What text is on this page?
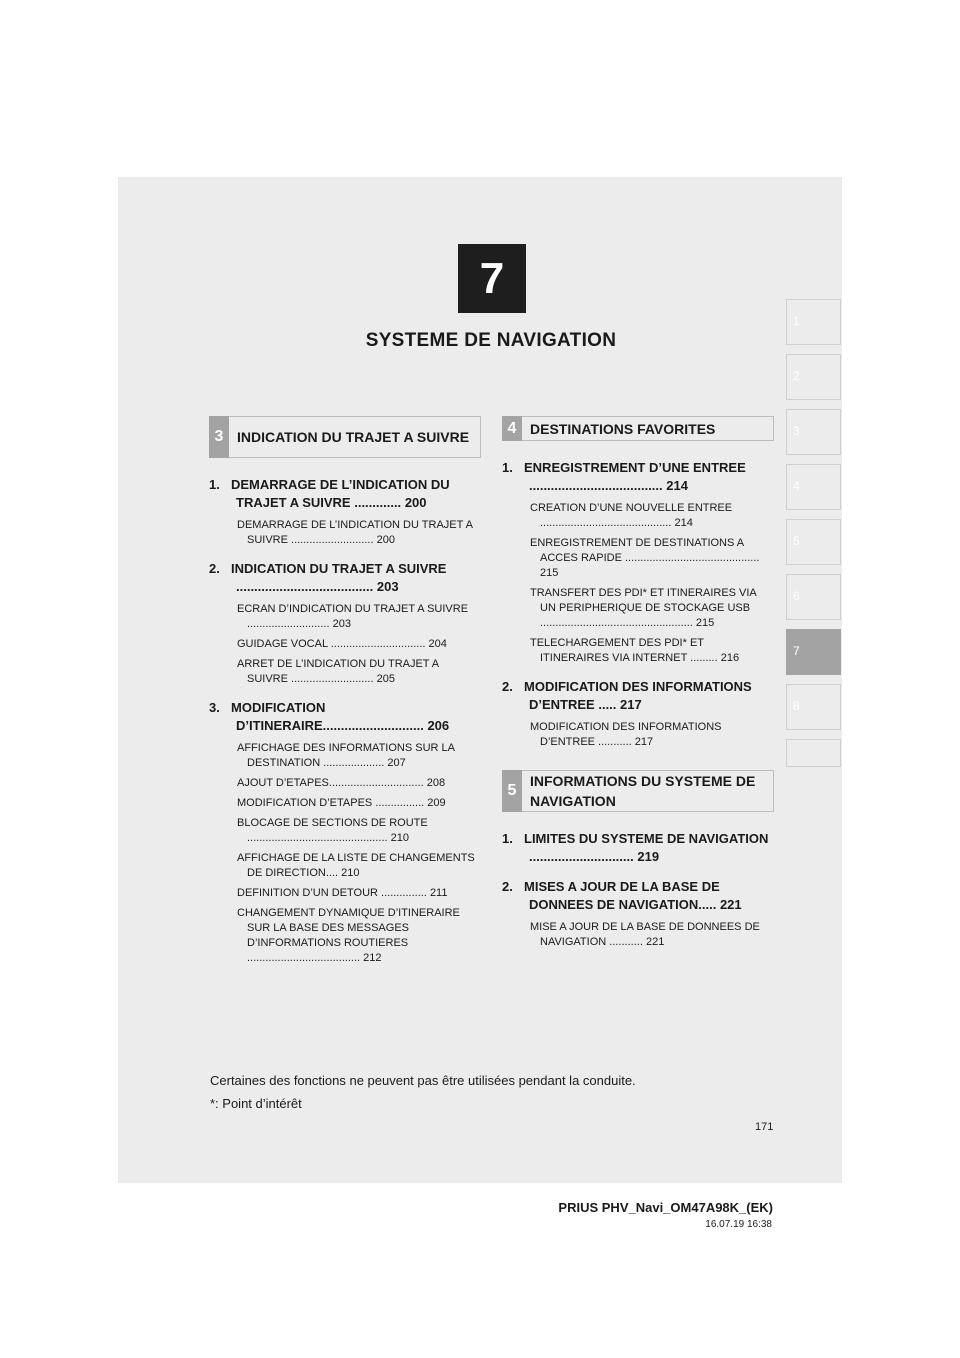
7
SYSTEME DE NAVIGATION
1
2
3
4
5
6
7
8
3 INDICATION DU TRAJET A SUIVRE
1. DEMARRAGE DE L’INDICATION DU TRAJET A SUIVRE ............. 200
DEMARRAGE DE L’INDICATION DU TRAJET A SUIVRE ........................... 200
2. INDICATION DU TRAJET A SUIVRE ...................................... 203
ECRAN D’INDICATION DU TRAJET A SUIVRE ........................... 203
GUIDAGE VOCAL ............................... 204
ARRET DE L’INDICATION DU TRAJET A SUIVRE ........................... 205
3. MODIFICATION D’ITINERAIRE............................ 206
AFFICHAGE DES INFORMATIONS SUR LA DESTINATION .................... 207
AJOUT D’ETAPES............................... 208
MODIFICATION D’ETAPES ................ 209
BLOCAGE DE SECTIONS DE ROUTE .............................................. 210
AFFICHAGE DE LA LISTE DE CHANGEMENTS DE DIRECTION.... 210
DEFINITION D’UN DETOUR ............... 211
CHANGEMENT DYNAMIQUE D’ITINERAIRE SUR LA BASE DES MESSAGES D’INFORMATIONS ROUTIERES ..................................... 212
4 DESTINATIONS FAVORITES
1. ENREGISTREMENT D’UNE ENTREE ..................................... 214
CREATION D’UNE NOUVELLE ENTREE ........................................... 214
ENREGISTREMENT DE DESTINATIONS A ACCES RAPIDE ............................................ 215
TRANSFERT DES PDI* ET ITINERAIRES VIA UN PERIPHERIQUE DE STOCKAGE USB .................................................. 215
TELECHARGEMENT DES PDI* ET ITINERAIRES VIA INTERNET ......... 216
2. MODIFICATION DES INFORMATIONS D’ENTREE ..... 217
MODIFICATION DES INFORMATIONS D’ENTREE ........... 217
5
INFORMATIONS DU SYSTEME DE NAVIGATION
1. LIMITES DU SYSTEME DE NAVIGATION ............................. 219
2. MISES A JOUR DE LA BASE DE DONNEES DE NAVIGATION..... 221
MISE A JOUR DE LA BASE DE DONNEES DE NAVIGATION ........... 221
Certaines des fonctions ne peuvent pas être utilisées pendant la conduite.
*: Point d’intérêt
171
PRIUS PHV_Navi_OM47A98K_(EK)
16.07.19 16:38
